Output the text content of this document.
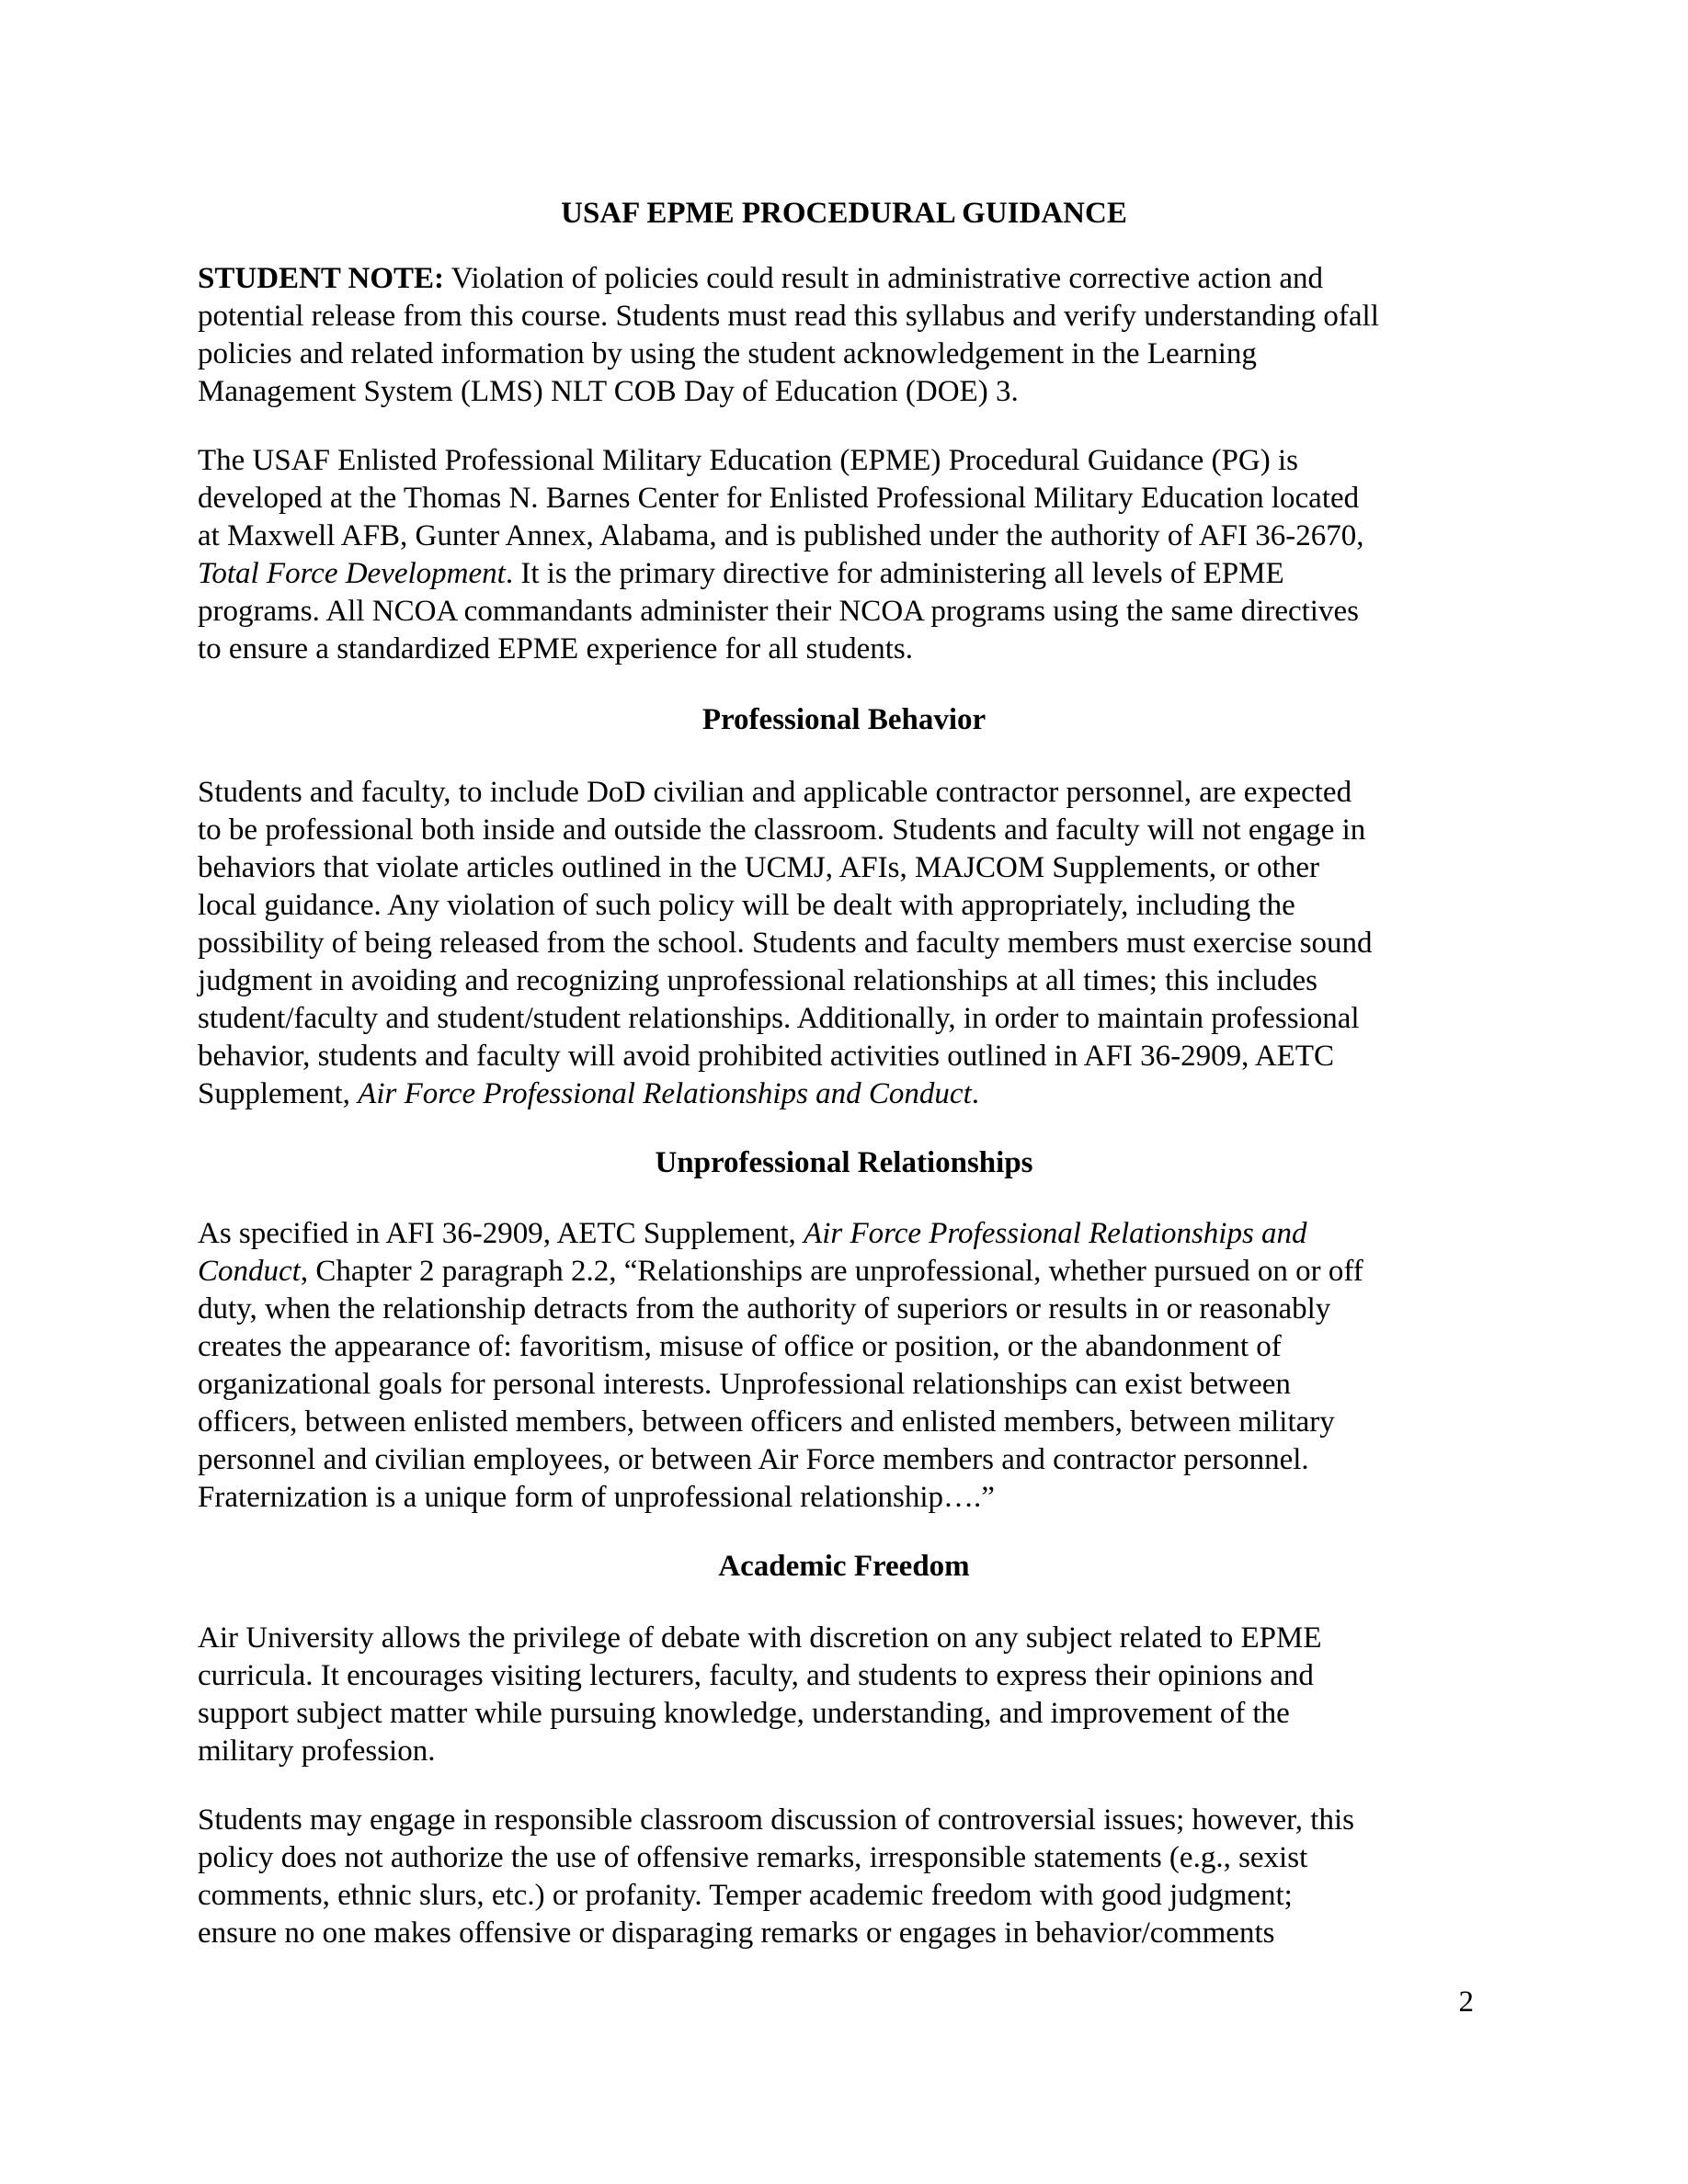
USAF EPME PROCEDURAL GUIDANCE

STUDENT NOTE: Violation of policies could result in administrative corrective action and
potential release from this course. Students must read this syllabus and verify understanding ofall
policies and related information by using the student acknowledgement in the Learning
Management System (LMS) NLT COB Day of Education (DOE) 3.

The USAF Enlisted Professional Military Education (EPME) Procedural Guidance (PG) is
developed at the Thomas N. Barnes Center for Enlisted Professional Military Education located
at Maxwell AFB, Gunter Annex, Alabama, and is published under the authority of AFI 36-2670,
Total Force Development. It is the primary directive for administering all levels of EPME
programs. All NCOA commandants administer their NCOA programs using the same directives
to ensure a standardized EPME experience for all students.

Professional Behavior

Students and faculty, to include DoD civilian and applicable contractor personnel, are expected
to be professional both inside and outside the classroom. Students and faculty will not engage in
behaviors that violate articles outlined in the UCMJ, AFIs, MAJCOM Supplements, or other
local guidance. Any violation of such policy will be dealt with appropriately, including the
possibility of being released from the school. Students and faculty members must exercise sound
judgment in avoiding and recognizing unprofessional relationships at all times; this includes
student/faculty and student/student relationships. Additionally, in order to maintain professional
behavior, students and faculty will avoid prohibited activities outlined in AFI 36-2909, AETC
Supplement, Air Force Professional Relationships and Conduct.

Unprofessional Relationships

As specified in AFI 36-2909, AETC Supplement, Air Force Professional Relationships and
Conduct, Chapter 2 paragraph 2.2, “Relationships are unprofessional, whether pursued on or off
duty, when the relationship detracts from the authority of superiors or results in or reasonably
creates the appearance of: favoritism, misuse of office or position, or the abandonment of
organizational goals for personal interests. Unprofessional relationships can exist between
officers, between enlisted members, between officers and enlisted members, between military
personnel and civilian employees, or between Air Force members and contractor personnel.
Fraternization is a unique form of unprofessional relationship….”

Academic Freedom

Air University allows the privilege of debate with discretion on any subject related to EPME
curricula. It encourages visiting lecturers, faculty, and students to express their opinions and
support subject matter while pursuing knowledge, understanding, and improvement of the
military profession.

Students may engage in responsible classroom discussion of controversial issues; however, this
policy does not authorize the use of offensive remarks, irresponsible statements (e.g., sexist
comments, ethnic slurs, etc.) or profanity. Temper academic freedom with good judgment;
ensure no one makes offensive or disparaging remarks or engages in behavior/comments

2
